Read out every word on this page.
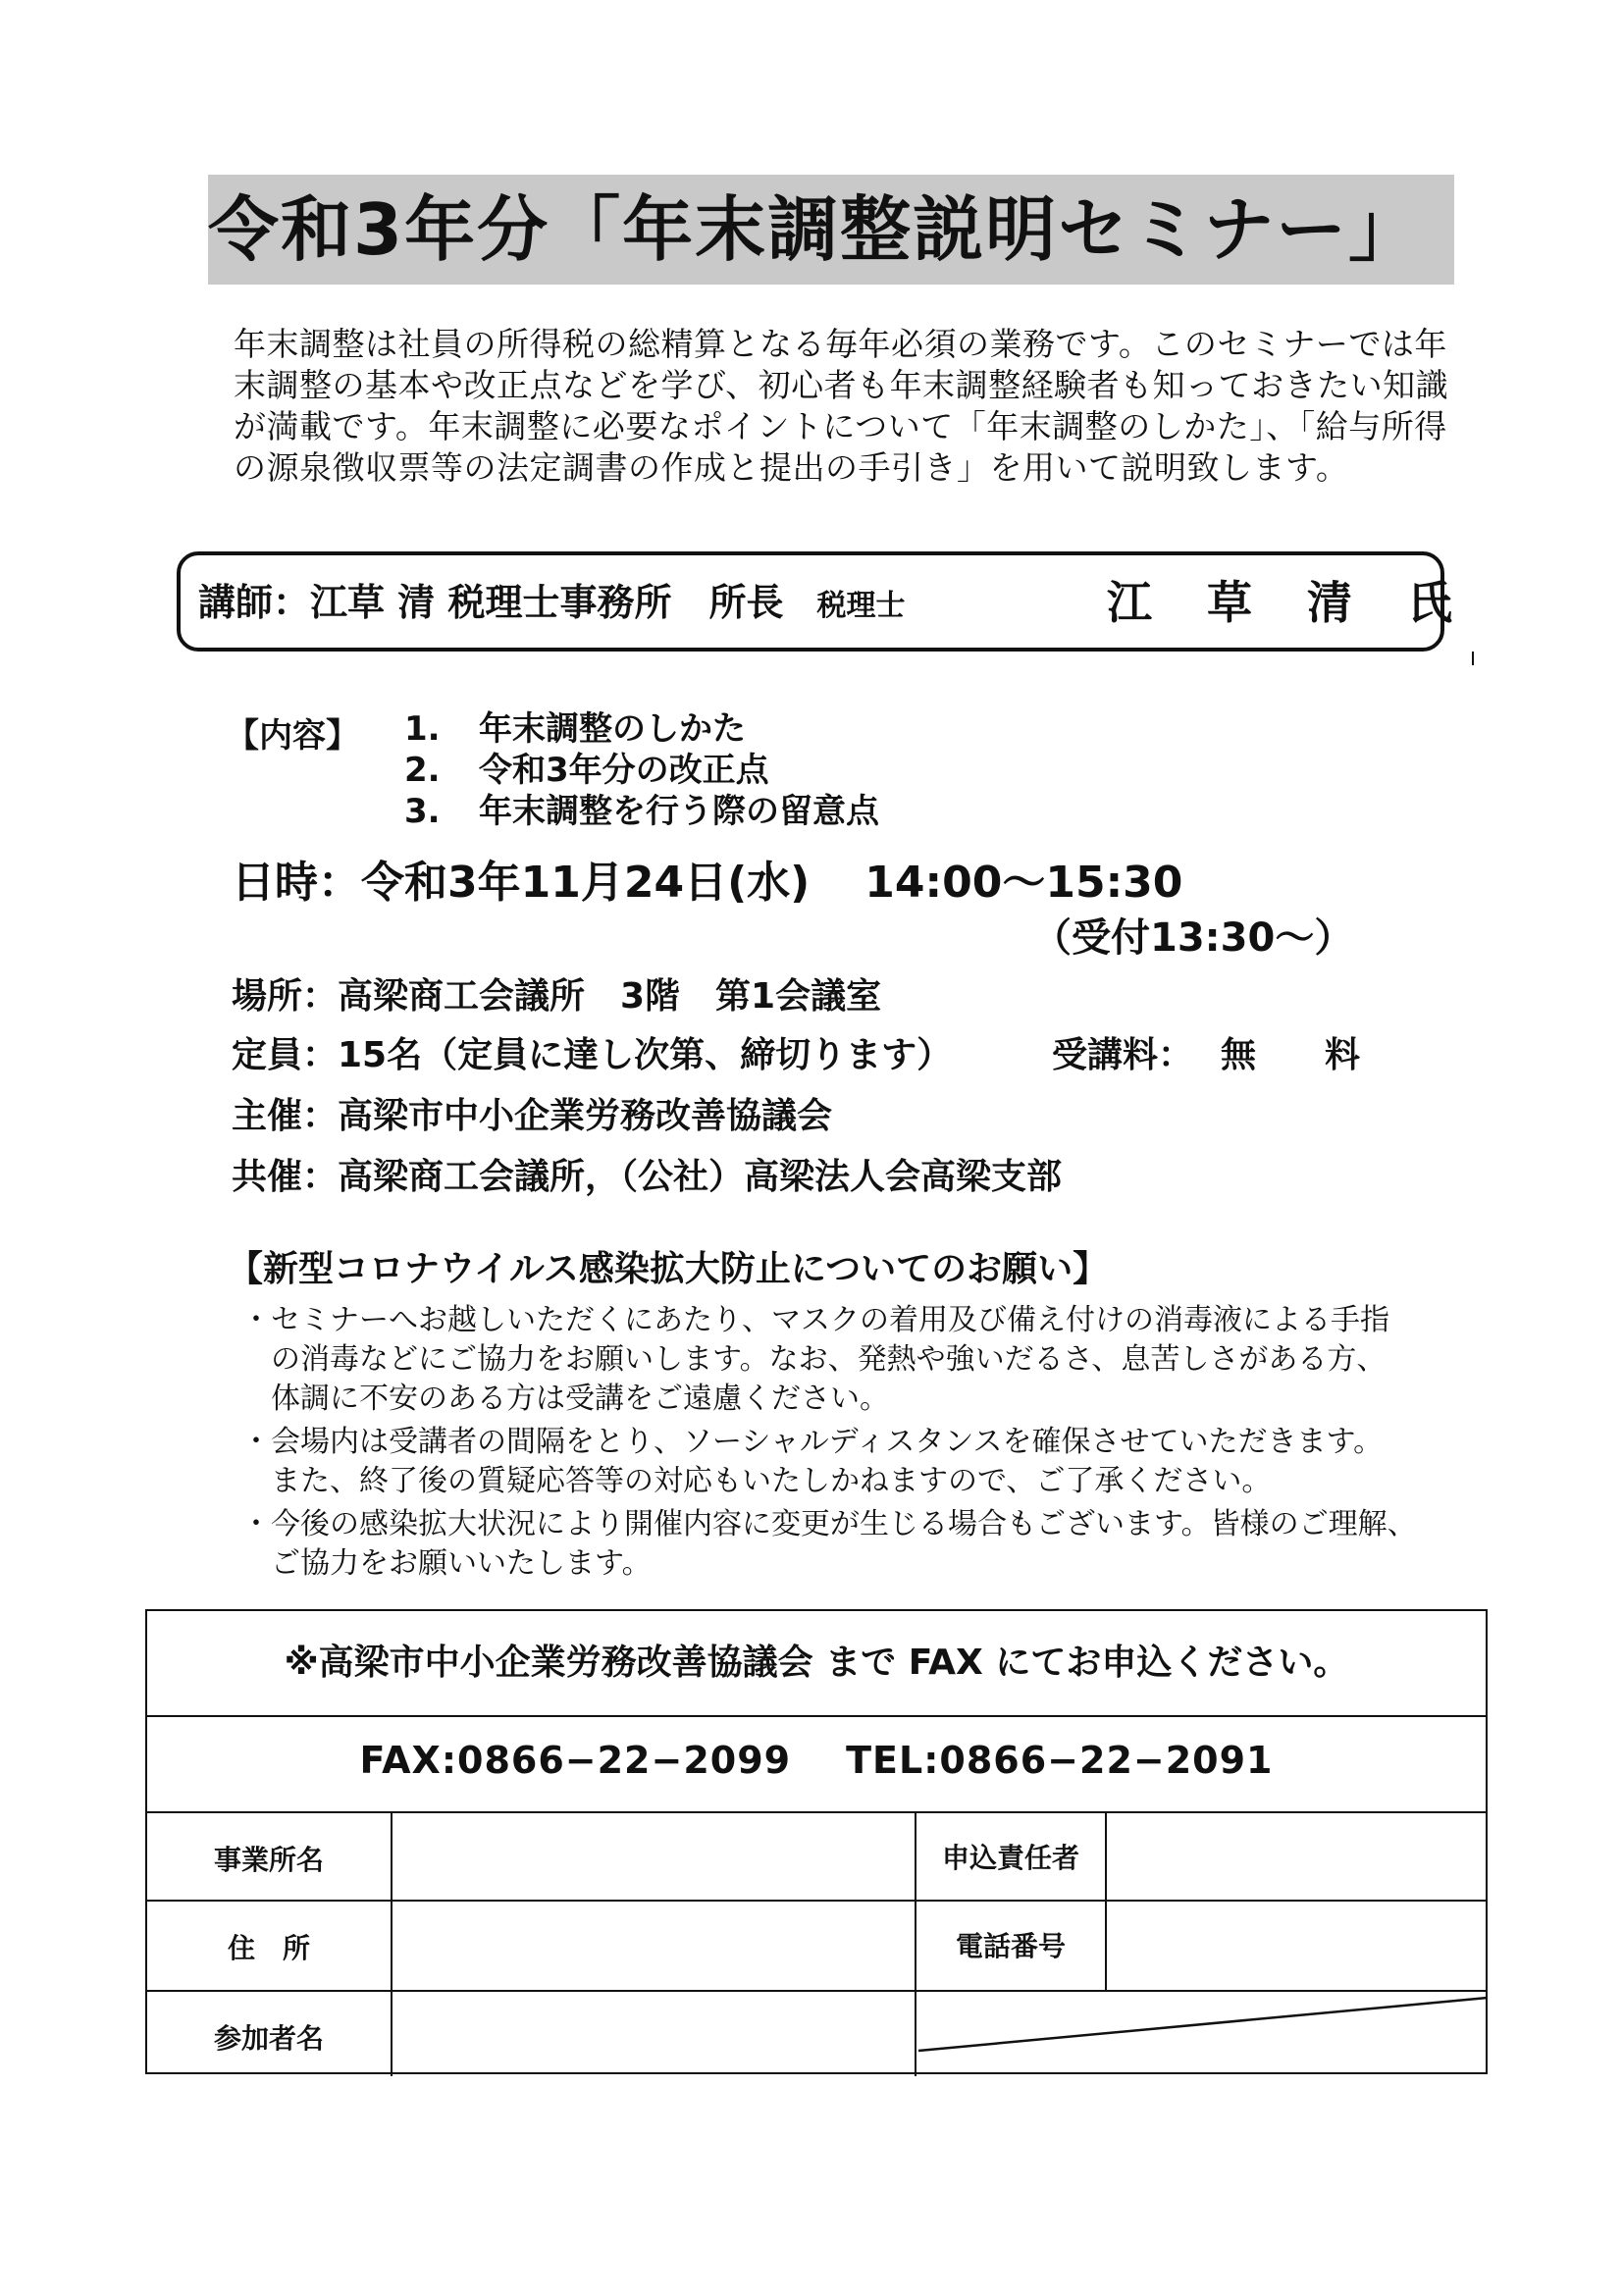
令和3年分「年末調整説明セミナー」
年末調整は社員の所得税の総精算となる毎年必須の業務です。このセミナーでは年
末調整の基本や改正点などを学び、初心者も年末調整経験者も知っておきたい知識
が満載です。年末調整に必要なポイントについて「年末調整のしかた」、「給与所得
の源泉徴収票等の法定調書の作成と提出の手引き」を用いて説明致します。
講師：江草 清 税理士事務所　所長 税理士	江草清氏
【内容】 1. 年末調整のしかた
2. 令和3年分の改正点
3. 年末調整を行う際の留意点
日時：令和3年11月24日(水) 14:00〜15:30
（受付13:30〜）
場所：高梁商工会議所　3階　第1会議室
定員：15名（定員に達し次第、締切ります）	受講料： 無料
主催：高梁市中小企業労務改善協議会
共催：高梁商工会議所，（公社）高梁法人会高梁支部
【新型コロナウイルス感染拡大防止についてのお願い】
・セミナーへお越しいただくにあたり、マスクの着用及び備え付けの消毒液による手指
　の消毒などにご協力をお願いします。なお、発熱や強いだるさ、息苦しさがある方、
　体調に不安のある方は受講をご遠慮ください。
・会場内は受講者の間隔をとり、ソーシャルディスタンスを確保させていただきます。
　また、終了後の質疑応答等の対応もいたしかねますので、ご了承ください。
・今後の感染拡大状況により開催内容に変更が生じる場合もございます。皆様のご理解、
　ご協力をお願いいたします。
※高梁市中小企業労務改善協議会 まで FAX にてお申込ください。
FAX:0866−22−2099 TEL:0866−22−2091
事業所名	申込責任者
住　所	電話番号
参加者名
